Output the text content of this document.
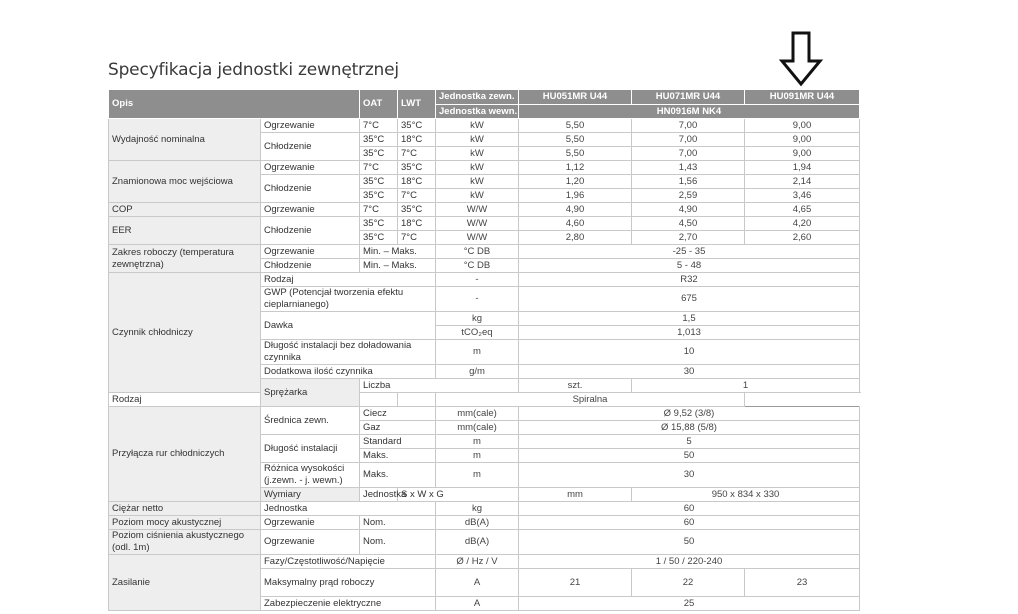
Specyfikacja jednostki zewnętrznej
Opis		OAT	LWT	Jednostka zewn.	HU051MR U44	HU071MR U44	HU091MR U44
				Jednostka wewn.	HN0916M NK4		
Wydajność nominalna	Ogrzewanie	7°C	35°C	kW	5,50	7,00	9,00
	Chłodzenie	35°C	18°C	kW	5,50	7,00	9,00
		35°C	7°C	kW	5,50	7,00	9,00
Znamionowa moc wejściowa	Ogrzewanie	7°C	35°C	kW	1,12	1,43	1,94
	Chłodzenie	35°C	18°C	kW	1,20	1,56	2,14
		35°C	7°C	kW	1,96	2,59	3,46
COP	Ogrzewanie	7°C	35°C	W/W	4,90	4,90	4,65
EER	Chłodzenie	35°C	18°C	W/W	4,60	4,50	4,20
		35°C	7°C	W/W	2,80	2,70	2,60
Zakres roboczy (temperatura zewnętrzna)	Ogrzewanie	Min. – Maks.		°C DB	-25 - 35		
	Chłodzenie	Min. – Maks.		°C DB	5 - 48		
Czynnik chłodniczy	Rodzaj			-	R32		
	GWP (Potencjał tworzenia efektu cieplarnianego)			-	675		
	Dawka			kg	1,5		
				tCO₂eq	1,013		
	Długość instalacji bez doładowania czynnika			m	10		
	Dodatkowa ilość czynnika			g/m	30		
	Sprężarka	Liczba			szt.	1	
Rodzaj				Spiralna			
Przyłącza rur chłodniczych	Średnica zewn.	Ciecz		mm(cale)	Ø 9,52 (3/8)		
		Gaz		mm(cale)	Ø 15,88 (5/8)		
	Długość instalacji	Standard		m	5		
		Maks.		m	50		
	Różnica wysokości (j.zewn. - j. wewn.)	Maks.		m	30		
	Wymiary	Jednostka	S x W x G		mm	950 x 834 x 330	
Ciężar netto	Jednostka			kg	60		
Poziom mocy akustycznej	Ogrzewanie	Nom.		dB(A)	60		
Poziom ciśnienia akustycznego (odl. 1m)	Ogrzewanie	Nom.		dB(A)	50		
Zasilanie	Fazy/Częstotliwość/Napięcie			Ø / Hz / V	1 / 50 / 220-240		
	Maksymalny prąd roboczy			A	21	22	23
	Zabezpieczenie elektryczne			A	25		
